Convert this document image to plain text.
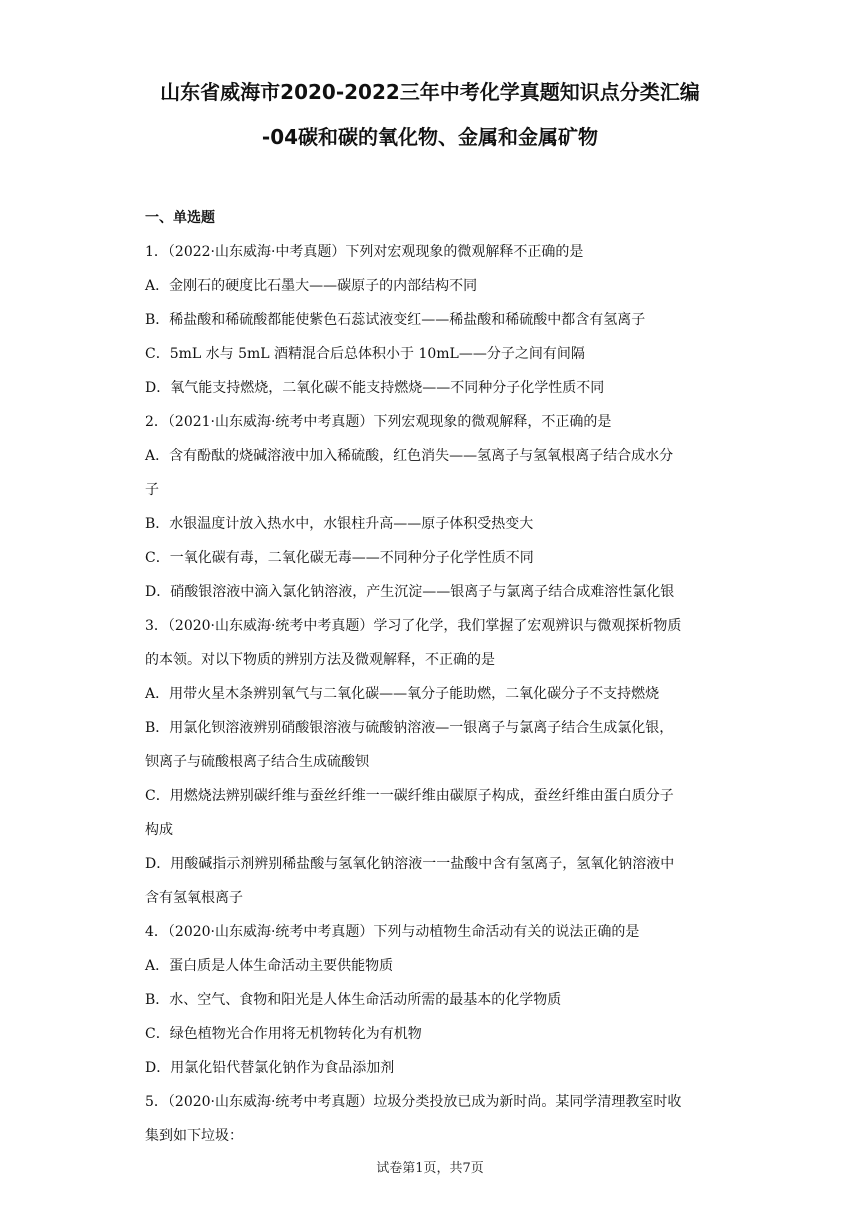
山东省威海市2020-2022三年中考化学真题知识点分类汇编
-04碳和碳的氧化物、金属和金属矿物
一、单选题
1．（2022·山东威海·中考真题）下列对宏观现象的微观解释不正确的是
A．金刚石的硬度比石墨大——碳原子的内部结构不同
B．稀盐酸和稀硫酸都能使紫色石蕊试液变红——稀盐酸和稀硫酸中都含有氢离子
C．5mL 水与 5mL 酒精混合后总体积小于 10mL——分子之间有间隔
D．氧气能支持燃烧，二氧化碳不能支持燃烧——不同种分子化学性质不同
2．（2021·山东威海·统考中考真题）下列宏观现象的微观解释，不正确的是
A．含有酚酞的烧碱溶液中加入稀硫酸，红色消失——氢离子与氢氧根离子结合成水分
子
B．水银温度计放入热水中，水银柱升高——原子体积受热变大
C．一氧化碳有毒，二氧化碳无毒——不同种分子化学性质不同
D．硝酸银溶液中滴入氯化钠溶液，产生沉淀——银离子与氯离子结合成难溶性氯化银
3．（2020·山东威海·统考中考真题）学习了化学，我们掌握了宏观辨识与微观探析物质
的本领。对以下物质的辨别方法及微观解释，不正确的是
A．用带火星木条辨别氧气与二氧化碳——氧分子能助燃，二氧化碳分子不支持燃烧
B．用氯化钡溶液辨别硝酸银溶液与硫酸钠溶液—一银离子与氯离子结合生成氯化银，
钡离子与硫酸根离子结合生成硫酸钡
C．用燃烧法辨别碳纤维与蚕丝纤维一一碳纤维由碳原子构成，蚕丝纤维由蛋白质分子
构成
D．用酸碱指示剂辨别稀盐酸与氢氧化钠溶液一一盐酸中含有氢离子，氢氧化钠溶液中
含有氢氧根离子
4．（2020·山东威海·统考中考真题）下列与动植物生命活动有关的说法正确的是
A．蛋白质是人体生命活动主要供能物质
B．水、空气、食物和阳光是人体生命活动所需的最基本的化学物质
C．绿色植物光合作用将无机物转化为有机物
D．用氯化铅代替氯化钠作为食品添加剂
5．（2020·山东威海·统考中考真题）垃圾分类投放已成为新时尚。某同学清理教室时收
集到如下垃圾：
试卷第1页，共7页
